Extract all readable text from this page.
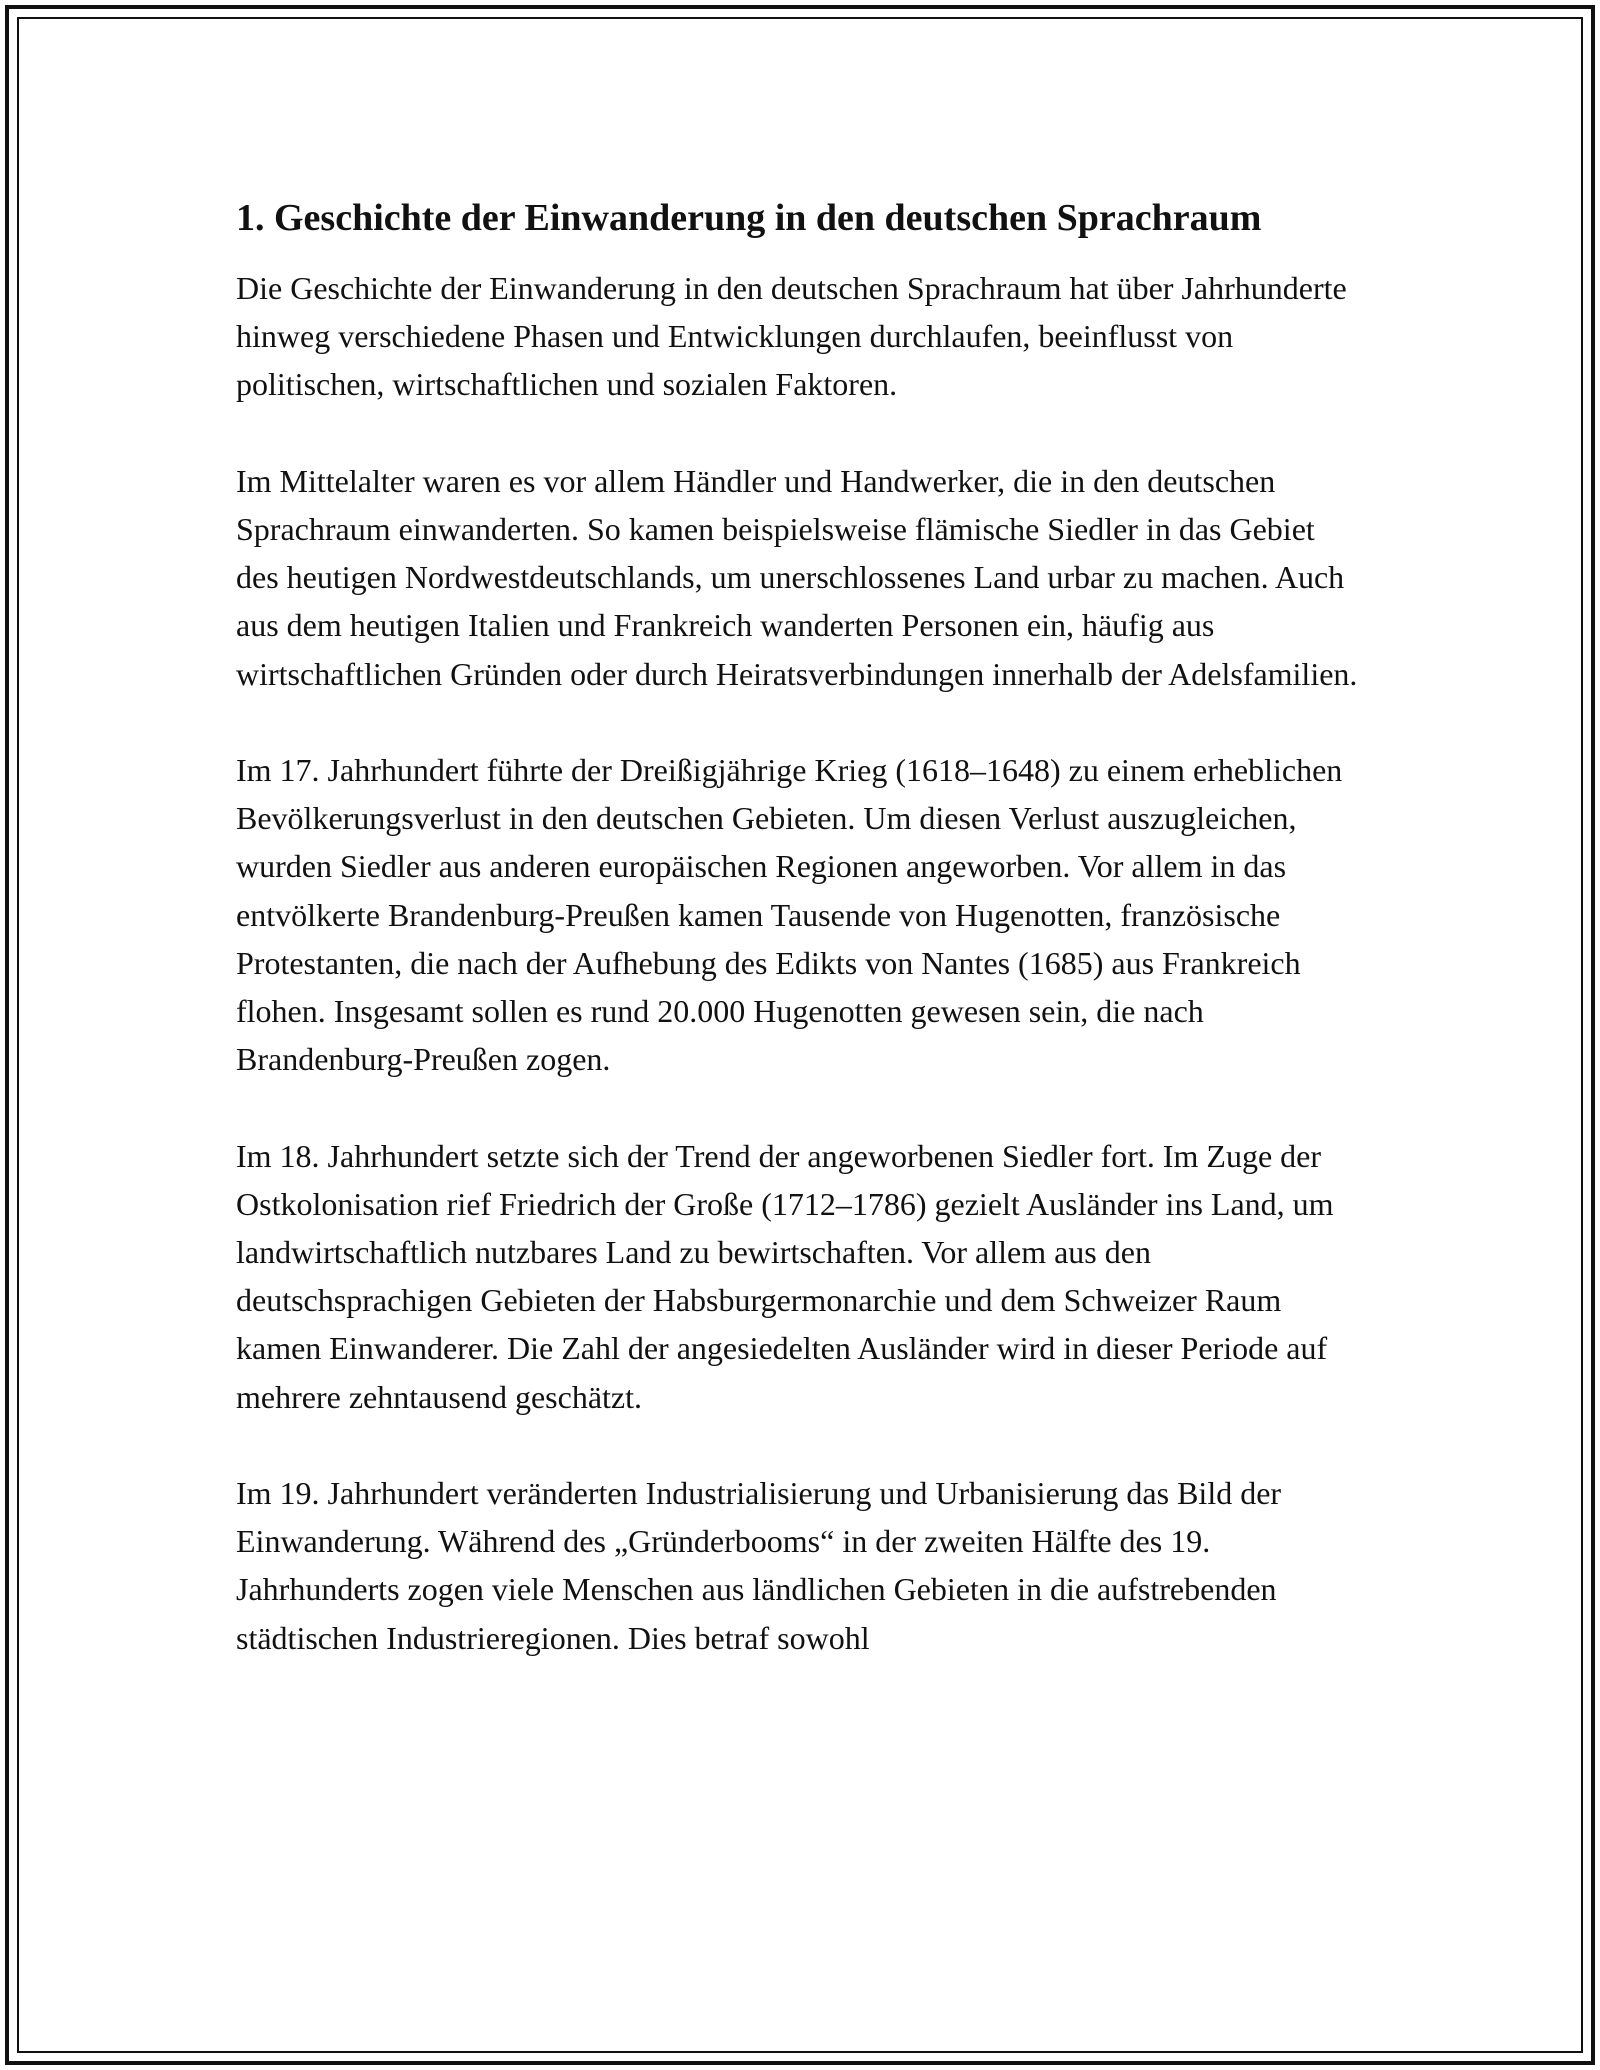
1. Geschichte der Einwanderung in den deutschen Sprachraum

Die Geschichte der Einwanderung in den deutschen Sprachraum hat über Jahrhunderte hinweg verschiedene Phasen und Entwicklungen durchlaufen, beeinflusst von politischen, wirtschaftlichen und sozialen Faktoren.

Im Mittelalter waren es vor allem Händler und Handwerker, die in den deutschen Sprachraum einwanderten. So kamen beispielsweise flämische Siedler in das Gebiet des heutigen Nordwestdeutschlands, um unerschlossenes Land urbar zu machen. Auch aus dem heutigen Italien und Frankreich wanderten Personen ein, häufig aus wirtschaftlichen Gründen oder durch Heiratsverbindungen innerhalb der Adelsfamilien.

Im 17. Jahrhundert führte der Dreißigjährige Krieg (1618–1648) zu einem erheblichen Bevölkerungsverlust in den deutschen Gebieten. Um diesen Verlust auszugleichen, wurden Siedler aus anderen europäischen Regionen angeworben. Vor allem in das entvölkerte Brandenburg-Preußen kamen Tausende von Hugenotten, französische Protestanten, die nach der Aufhebung des Edikts von Nantes (1685) aus Frankreich flohen. Insgesamt sollen es rund 20.000 Hugenotten gewesen sein, die nach Brandenburg-Preußen zogen.

Im 18. Jahrhundert setzte sich der Trend der angeworbenen Siedler fort. Im Zuge der Ostkolonisation rief Friedrich der Große (1712–1786) gezielt Ausländer ins Land, um landwirtschaftlich nutzbares Land zu bewirtschaften. Vor allem aus den deutschsprachigen Gebieten der Habsburgermonarchie und dem Schweizer Raum kamen Einwanderer. Die Zahl der angesiedelten Ausländer wird in dieser Periode auf mehrere zehntausend geschätzt.

Im 19. Jahrhundert veränderten Industrialisierung und Urbanisierung das Bild der Einwanderung. Während des „Gründerbooms“ in der zweiten Hälfte des 19. Jahrhunderts zogen viele Menschen aus ländlichen Gebieten in die aufstrebenden städtischen Industrieregionen. Dies betraf sowohl
